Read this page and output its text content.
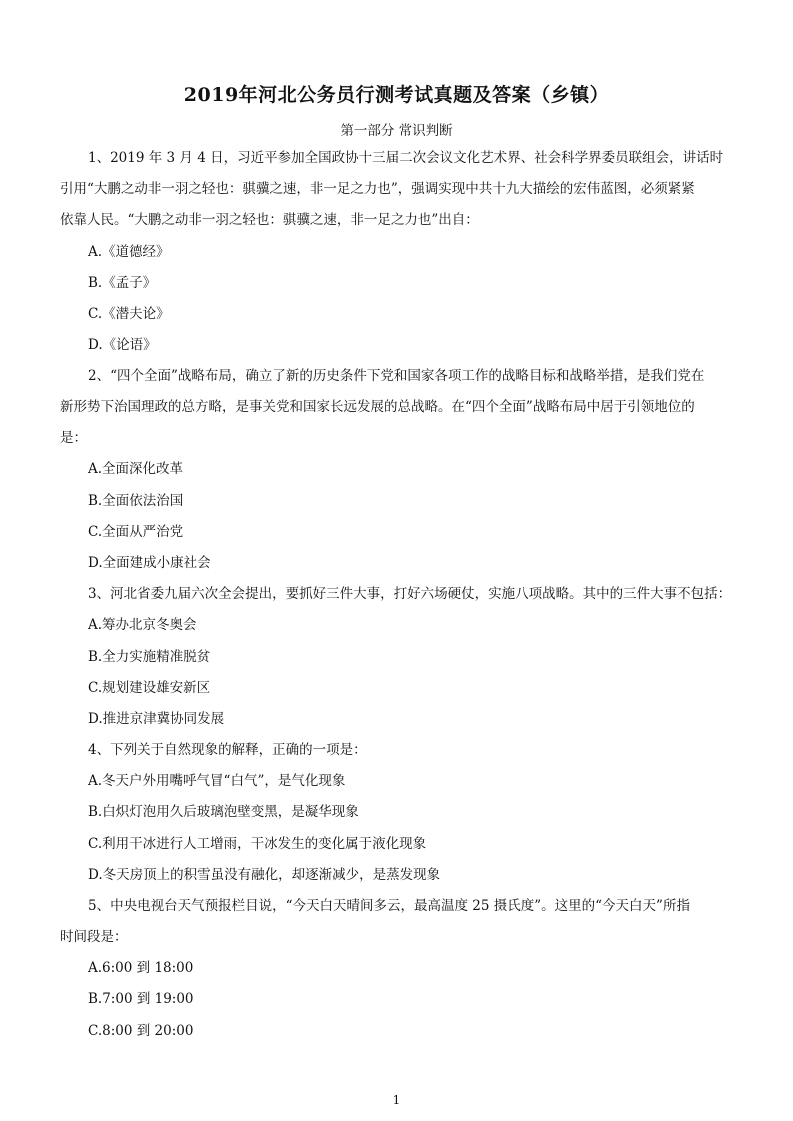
2019年河北公务员行测考试真题及答案（乡镇）
第一部分 常识判断
1、2019 年 3 月 4 日，习近平参加全国政协十三届二次会议文化艺术界、社会科学界委员联组会，讲话时
引用“大鹏之动非一羽之轻也：骐骥之速，非一足之力也”，强调实现中共十九大描绘的宏伟蓝图，必须紧紧
依靠人民。“大鹏之动非一羽之轻也：骐骥之速，非一足之力也”出自：
A.《道德经》
B.《孟子》
C.《潜夫论》
D.《论语》
2、“四个全面”战略布局，确立了新的历史条件下党和国家各项工作的战略目标和战略举措，是我们党在
新形势下治国理政的总方略，是事关党和国家长远发展的总战略。在“四个全面”战略布局中居于引领地位的
是：
A.全面深化改革
B.全面依法治国
C.全面从严治党
D.全面建成小康社会
3、河北省委九届六次全会提出，要抓好三件大事，打好六场硬仗，实施八项战略。其中的三件大事不包括：
A.筹办北京冬奥会
B.全力实施精准脱贫
C.规划建设雄安新区
D.推进京津冀协同发展
4、下列关于自然现象的解释，正确的一项是：
A.冬天户外用嘴呼气冒“白气”，是气化现象
B.白炽灯泡用久后玻璃泡壁变黑，是凝华现象
C.利用干冰进行人工增雨，干冰发生的变化属于液化现象
D.冬天房顶上的积雪虽没有融化，却逐渐减少，是蒸发现象
5、中央电视台天气预报栏目说，“今天白天晴间多云，最高温度 25 摄氏度”。这里的“今天白天”所指
时间段是：
A.6:00 到 18:00
B.7:00 到 19:00
C.8:00 到 20:00
1
